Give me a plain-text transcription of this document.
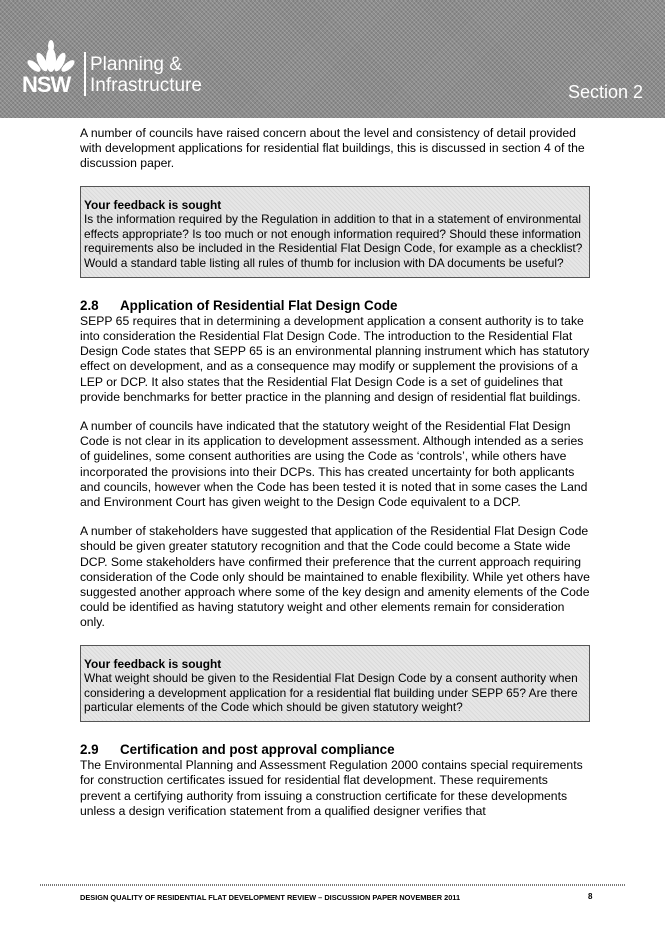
NSW
Planning &
Infrastructure	Section 2

A number of councils have raised concern about the level and consistency of detail provided with development applications for residential flat buildings, this is discussed in section 4 of the discussion paper.

Your feedback is sought
Is the information required by the Regulation in addition to that in a statement of environmental effects appropriate? Is too much or not enough information required? Should these information requirements also be included in the Residential Flat Design Code, for example as a checklist? Would a standard table listing all rules of thumb for inclusion with DA documents be useful?
2.8	Application of Residential Flat Design Code

SEPP 65 requires that in determining a development application a consent authority is to take into consideration the Residential Flat Design Code. The introduction to the Residential Flat Design Code states that SEPP 65 is an environmental planning instrument which has statutory effect on development, and as a consequence may modify or supplement the provisions of a LEP or DCP. It also states that the Residential Flat Design Code is a set of guidelines that provide benchmarks for better practice in the planning and design of residential flat buildings.

A number of councils have indicated that the statutory weight of the Residential Flat Design Code is not clear in its application to development assessment. Although intended as a series of guidelines, some consent authorities are using the Code as ‘controls’, while others have incorporated the provisions into their DCPs. This has created uncertainty for both applicants and councils, however when the Code has been tested it is noted that in some cases the Land and Environment Court has given weight to the Design Code equivalent to a DCP.

A number of stakeholders have suggested that application of the Residential Flat Design Code should be given greater statutory recognition and that the Code could become a State wide DCP. Some stakeholders have confirmed their preference that the current approach requiring consideration of the Code only should be maintained to enable flexibility. While yet others have suggested another approach where some of the key design and amenity elements of the Code could be identified as having statutory weight and other elements remain for consideration only.

Your feedback is sought
What weight should be given to the Residential Flat Design Code by a consent authority when considering a development application for a residential flat building under SEPP 65? Are there particular elements of the Code which should be given statutory weight?
2.9	Certification and post approval compliance

The Environmental Planning and Assessment Regulation 2000 contains special requirements for construction certificates issued for residential flat development. These requirements prevent a certifying authority from issuing a construction certificate for these developments unless a design verification statement from a qualified designer verifies that

DESIGN QUALITY OF RESIDENTIAL FLAT DEVELOPMENT REVIEW – DISCUSSION PAPER NOVEMBER 2011	8
